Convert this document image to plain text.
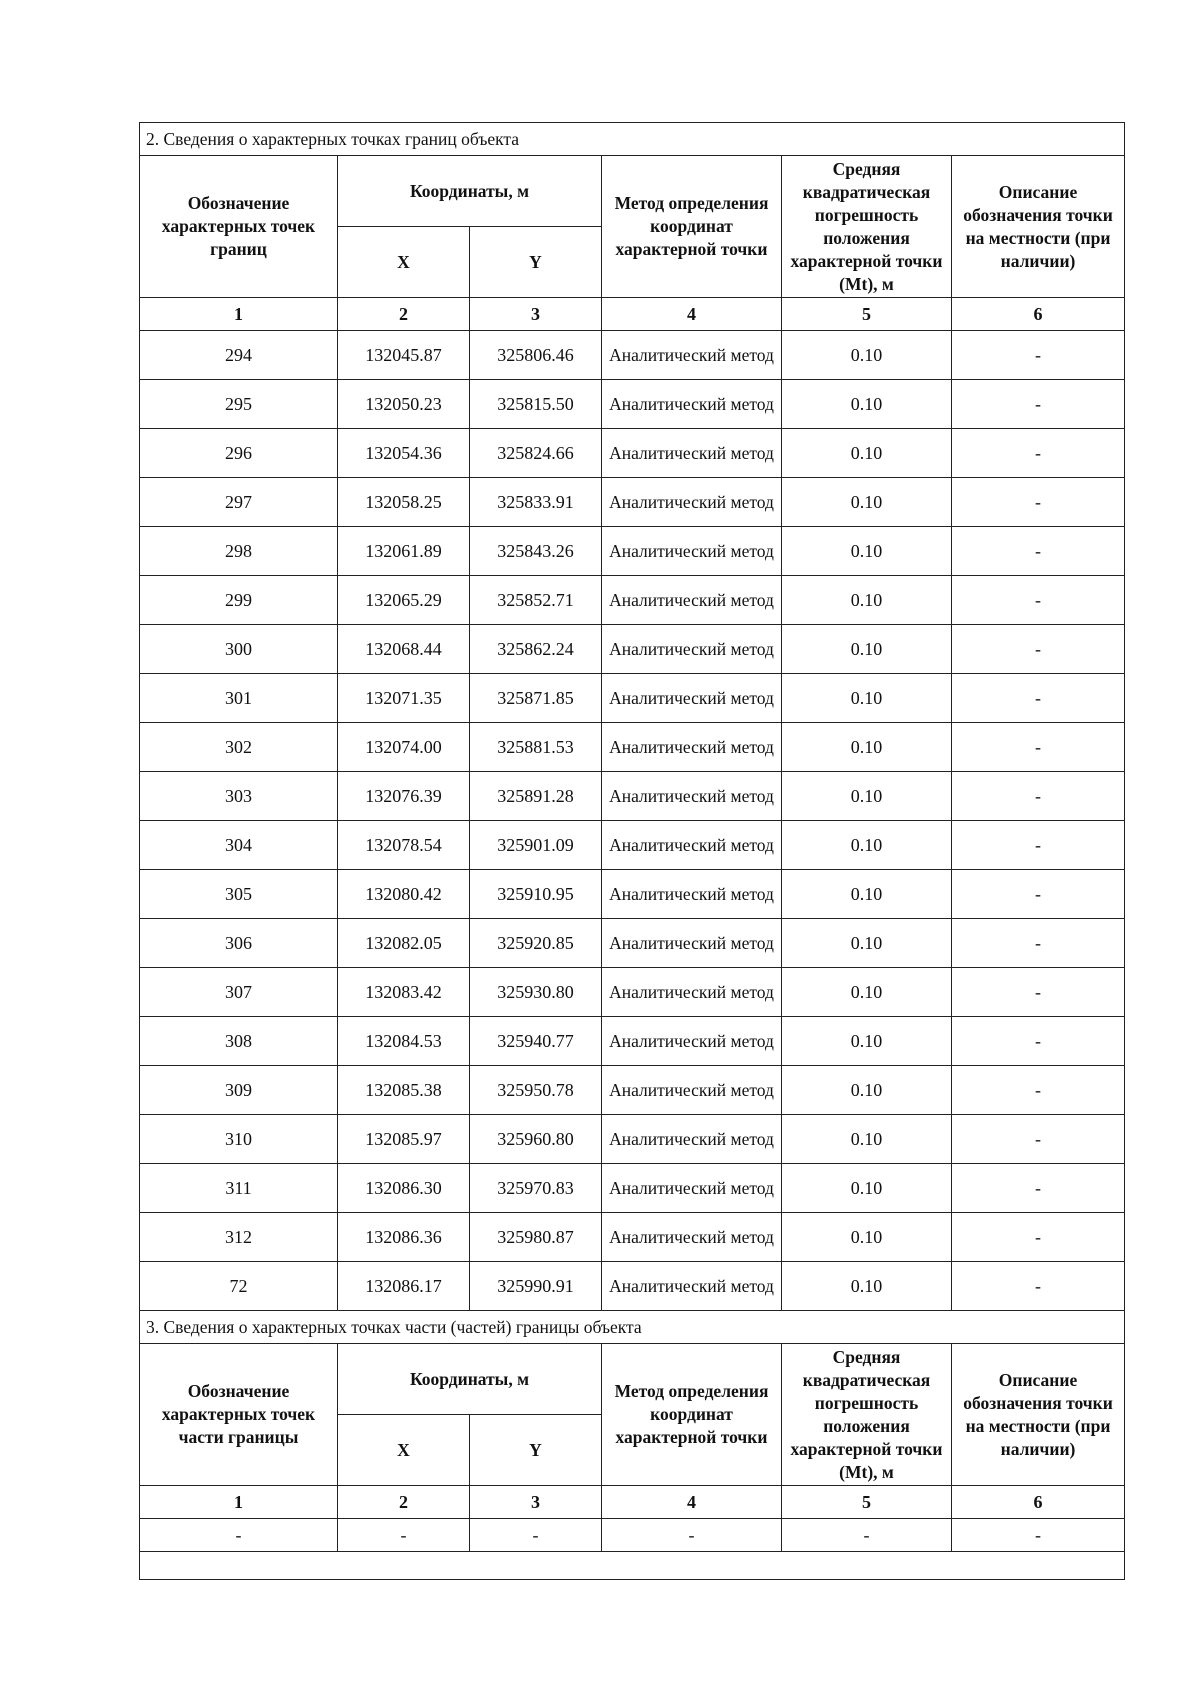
2. Сведения о характерных точках границ объекта					
Обозначение характерных точек границ	Координаты, м		Метод определения координат характерной точки	Средняя квадратическая погрешность положения характерной точки (Mt), м	Описание обозначения точки на местности (при наличии)
	X	Y			
1	2	3	4	5	6
294	132045.87	325806.46	Аналитический метод	0.10	-
295	132050.23	325815.50	Аналитический метод	0.10	-
296	132054.36	325824.66	Аналитический метод	0.10	-
297	132058.25	325833.91	Аналитический метод	0.10	-
298	132061.89	325843.26	Аналитический метод	0.10	-
299	132065.29	325852.71	Аналитический метод	0.10	-
300	132068.44	325862.24	Аналитический метод	0.10	-
301	132071.35	325871.85	Аналитический метод	0.10	-
302	132074.00	325881.53	Аналитический метод	0.10	-
303	132076.39	325891.28	Аналитический метод	0.10	-
304	132078.54	325901.09	Аналитический метод	0.10	-
305	132080.42	325910.95	Аналитический метод	0.10	-
306	132082.05	325920.85	Аналитический метод	0.10	-
307	132083.42	325930.80	Аналитический метод	0.10	-
308	132084.53	325940.77	Аналитический метод	0.10	-
309	132085.38	325950.78	Аналитический метод	0.10	-
310	132085.97	325960.80	Аналитический метод	0.10	-
311	132086.30	325970.83	Аналитический метод	0.10	-
312	132086.36	325980.87	Аналитический метод	0.10	-
72	132086.17	325990.91	Аналитический метод	0.10	-
3. Сведения о характерных точках части (частей) границы объекта					
Обозначение характерных точек части границы	Координаты, м		Метод определения координат характерной точки	Средняя квадратическая погрешность положения характерной точки (Mt), м	Описание обозначения точки на местности (при наличии)
	X	Y			
1	2	3	4	5	6
-	-	-	-	-	-
